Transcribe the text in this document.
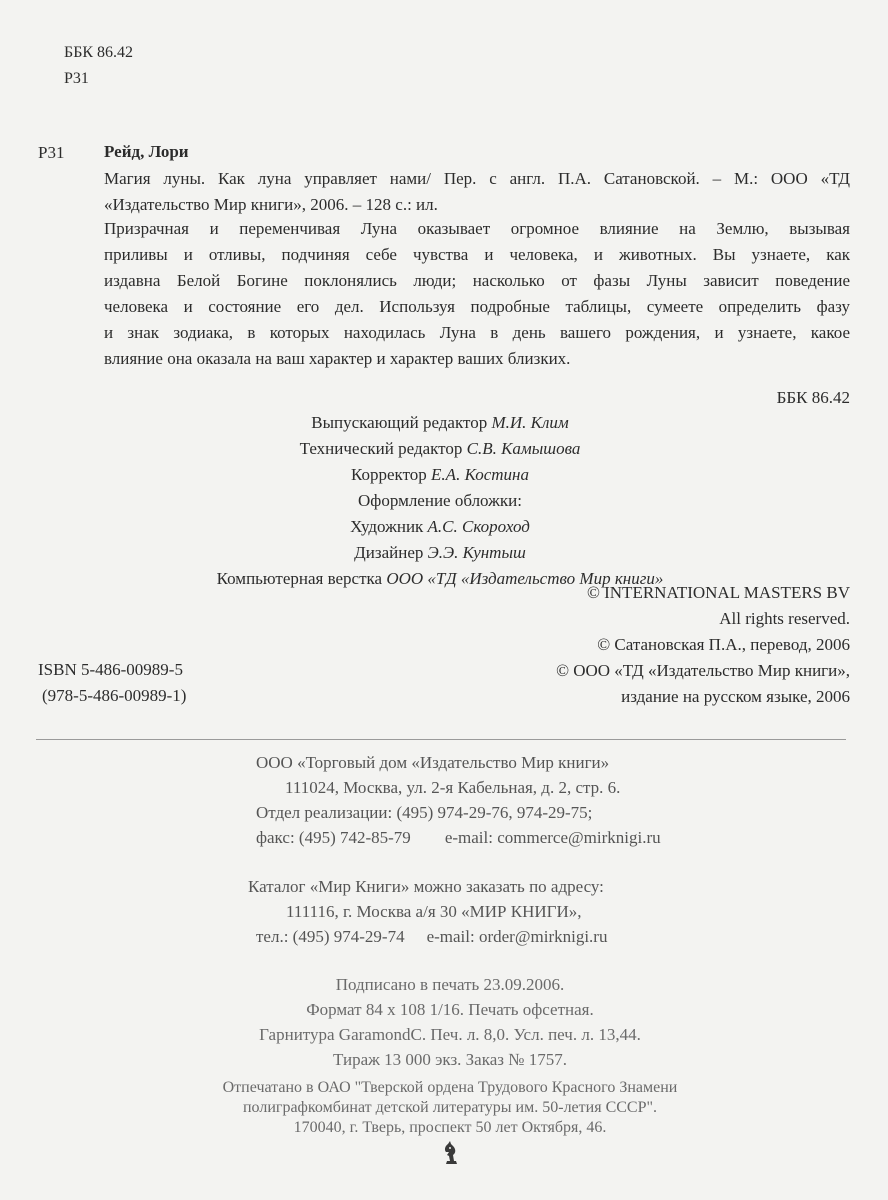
ББК 86.42
Р31
Р31 Рейд, Лори
Магия луны. Как луна управляет нами/ Пер. с англ. П.А. Сатановской. – М.: ООО «ТД
«Издательство Мир книги», 2006. – 128 с.: ил.
Призрачная и переменчивая Луна оказывает огромное влияние на Землю, вызывая
приливы и отливы, подчиняя себе чувства и человека, и животных. Вы узнаете, как
издавна Белой Богине поклонялись люди; насколько от фазы Луны зависит поведение
человека и состояние его дел. Используя подробные таблицы, сумеете определить фазу
и знак зодиака, в которых находилась Луна в день вашего рождения, и узнаете, какое
влияние она оказала на ваш характер и характер ваших близких.
ББК 86.42
Выпускающий редактор М.И. Клим
Технический редактор С.В. Камышова
Корректор Е.А. Костина
Оформление обложки:
Художник А.С. Скороход
Дизайнер Э.Э. Кунтыш
Компьютерная верстка ООО «ТД «Издательство Мир книги»
© INTERNATIONAL MASTERS BV
All rights reserved.
© Сатановская П.А., перевод, 2006
© ООО «ТД «Издательство Мир книги»,
издание на русском языке, 2006
ISBN 5-486-00989-5
(978-5-486-00989-1)
ООО «Торговый дом «Издательство Мир книги»
111024, Москва, ул. 2-я Кабельная, д. 2, стр. 6.
Отдел реализации: (495) 974-29-76, 974-29-75;
факс: (495) 742-85-79 e-mail: commerce@mirknigi.ru
Каталог «Мир Книги» можно заказать по адресу:
111116, г. Москва а/я 30 «МИР КНИГИ»,
тел.: (495) 974-29-74 e-mail: order@mirknigi.ru
Подписано в печать 23.09.2006.
Формат 84 х 108 1/16. Печать офсетная.
Гарнитура GaramondC. Печ. л. 8,0. Усл. печ. л. 13,44.
Тираж 13 000 экз. Заказ № 1757.
Отпечатано в ОАО "Тверской ордена Трудового Красного Знамени
полиграфкомбинат детской литературы им. 50-летия СССР".
170040, г. Тверь, проспект 50 лет Октября, 46.
